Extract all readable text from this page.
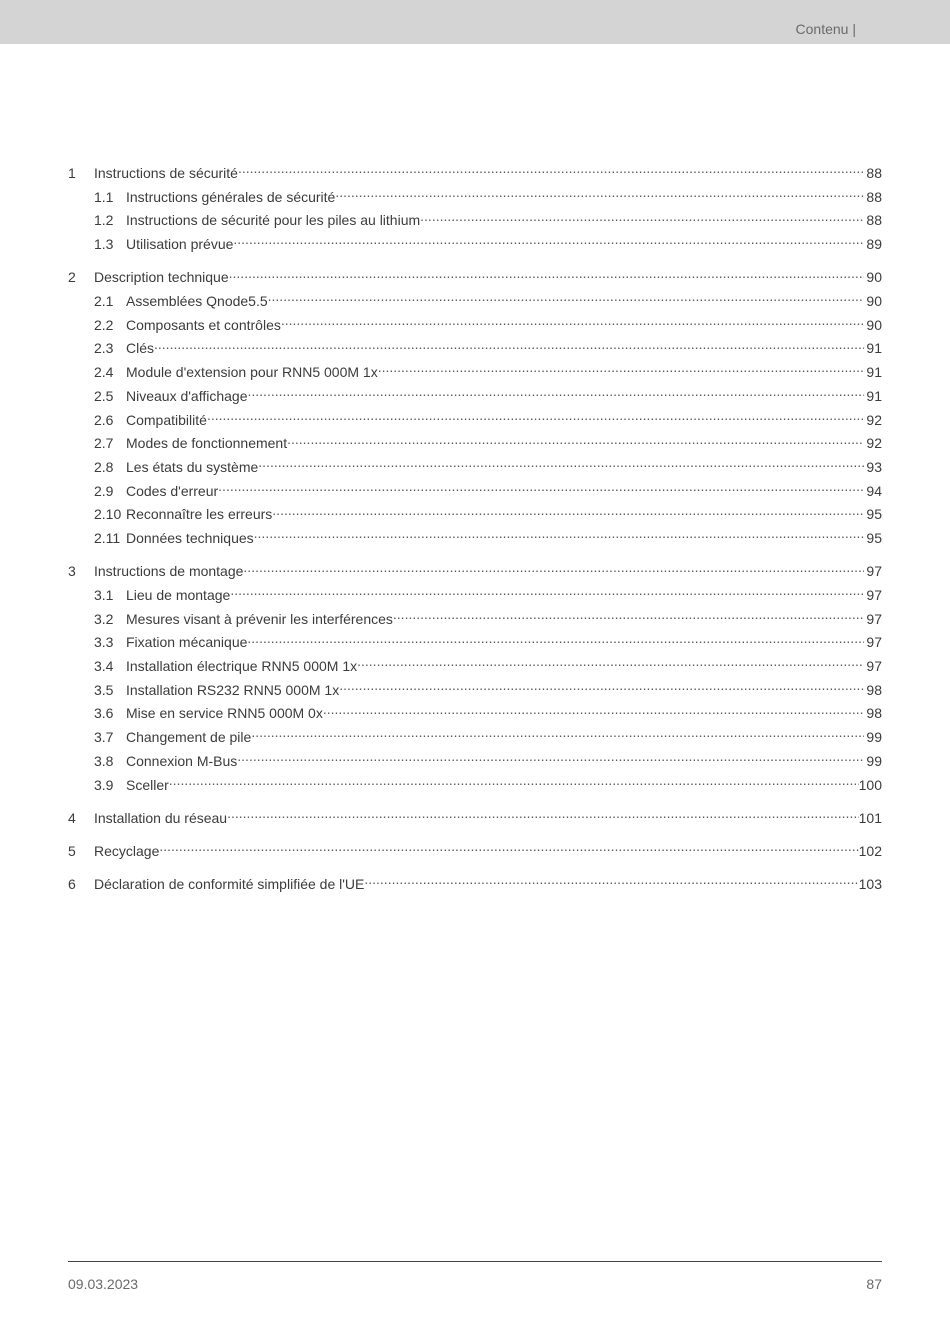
Contenu |
1	Instructions de sécurité .....	88
1.1 Instructions générales de sécurité .....	88
1.2 Instructions de sécurité pour les piles au lithium .....	88
1.3 Utilisation prévue .....	89
2	Description technique .....	90
2.1 Assemblées Qnode5.5 .....	90
2.2 Composants et contrôles .....	90
2.3 Clés .....	91
2.4 Module d'extension pour RNN5 000M 1x .....	91
2.5 Niveaux d'affichage .....	91
2.6 Compatibilité .....	92
2.7 Modes de fonctionnement .....	92
2.8 Les états du système .....	93
2.9 Codes d'erreur .....	94
2.10 Reconnaître les erreurs .....	95
2.11 Données techniques .....	95
3	Instructions de montage .....	97
3.1 Lieu de montage .....	97
3.2 Mesures visant à prévenir les interférences .....	97
3.3 Fixation mécanique .....	97
3.4 Installation électrique RNN5 000M 1x .....	97
3.5 Installation RS232 RNN5 000M 1x .....	98
3.6 Mise en service RNN5 000M 0x .....	98
3.7 Changement de pile .....	99
3.8 Connexion M-Bus .....	99
3.9 Sceller .....	100
4	Installation du réseau .....	101
5	Recyclage .....	102
6	Déclaration de conformité simplifiée de l'UE .....	103
09.03.2023	87
